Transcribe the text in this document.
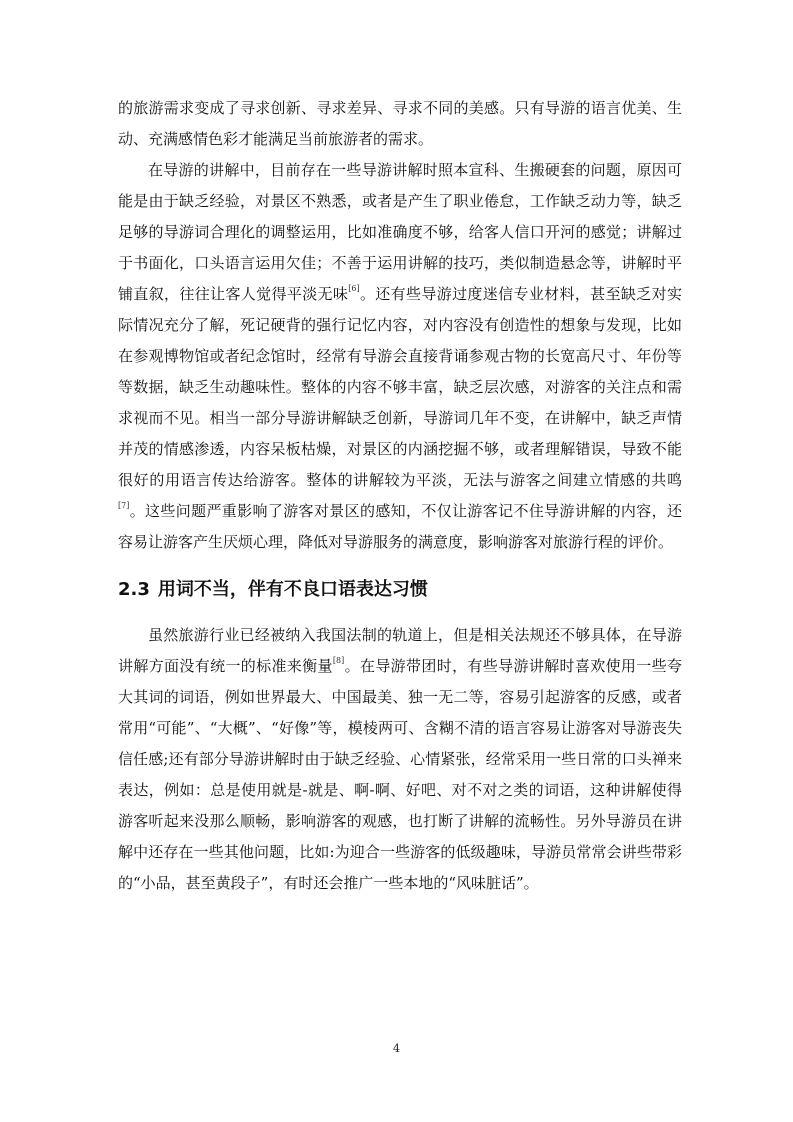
的旅游需求变成了寻求创新、寻求差异、寻求不同的美感。只有导游的语言优美、生动、充满感情色彩才能满足当前旅游者的需求。

在导游的讲解中，目前存在一些导游讲解时照本宣科、生搬硬套的问题，原因可能是由于缺乏经验，对景区不熟悉，或者是产生了职业倦怠，工作缺乏动力等，缺乏足够的导游词合理化的调整运用，比如准确度不够，给客人信口开河的感觉；讲解过于书面化，口头语言运用欠佳；不善于运用讲解的技巧，类似制造悬念等，讲解时平铺直叙，往往让客人觉得平淡无味[6]。还有些导游过度迷信专业材料，甚至缺乏对实际情况充分了解，死记硬背的强行记忆内容，对内容没有创造性的想象与发现，比如在参观博物馆或者纪念馆时，经常有导游会直接背诵参观古物的长宽高尺寸、年份等等数据，缺乏生动趣味性。整体的内容不够丰富，缺乏层次感，对游客的关注点和需求视而不见。相当一部分导游讲解缺乏创新，导游词几年不变，在讲解中，缺乏声情并茂的情感渗透，内容呆板枯燥，对景区的内涵挖掘不够，或者理解错误，导致不能很好的用语言传达给游客。整体的讲解较为平淡，无法与游客之间建立情感的共鸣[7]。这些问题严重影响了游客对景区的感知，不仅让游客记不住导游讲解的内容，还容易让游客产生厌烦心理，降低对导游服务的满意度，影响游客对旅游行程的评价。

2.3 用词不当，伴有不良口语表达习惯

虽然旅游行业已经被纳入我国法制的轨道上，但是相关法规还不够具体，在导游讲解方面没有统一的标准来衡量[8]。在导游带团时，有些导游讲解时喜欢使用一些夸大其词的词语，例如世界最大、中国最美、独一无二等，容易引起游客的反感，或者常用“可能”、“大概”、“好像”等，模棱两可、含糊不清的语言容易让游客对导游丧失信任感;还有部分导游讲解时由于缺乏经验、心情紧张，经常采用一些日常的口头禅来表达，例如：总是使用就是-就是、啊-啊、好吧、对不对之类的词语，这种讲解使得游客听起来没那么顺畅，影响游客的观感，也打断了讲解的流畅性。另外导游员在讲解中还存在一些其他问题，比如:为迎合一些游客的低级趣味，导游员常常会讲些带彩的“小品，甚至黄段子”，有时还会推广一些本地的“风味脏话”。

4
